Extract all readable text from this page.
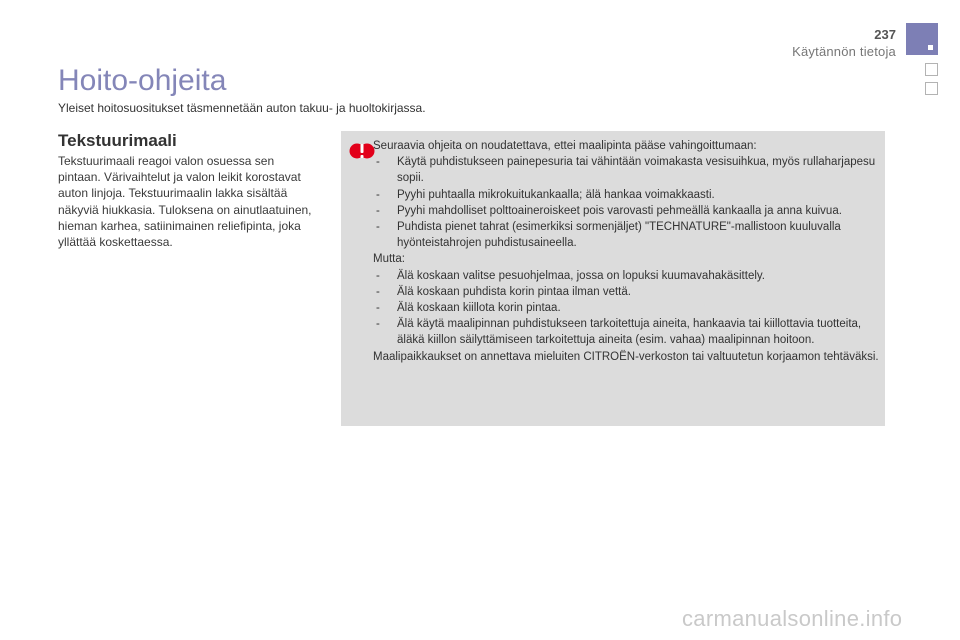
237
Käytännön tietoja
Hoito-ohjeita
Yleiset hoitosuositukset täsmennetään auton takuu- ja huoltokirjassa.
Tekstuurimaali
Tekstuurimaali reagoi valon osuessa sen pintaan. Värivaihtelut ja valon leikit korostavat auton linjoja. Tekstuurimaalin lakka sisältää näkyviä hiukkasia. Tuloksena on ainutlaatuinen, hieman karhea, satiinimainen reliefipinta, joka yllättää koskettaessa.

Seuraavia ohjeita on noudatettava, ettei maalipinta pääse vahingoittumaan:

- Käytä puhdistukseen painepesuria tai vähintään voimakasta vesisuihkua, myös rullaharjapesu sopii.
- Pyyhi puhtaalla mikrokuitukankaalla; älä hankaa voimakkaasti.
- Pyyhi mahdolliset polttoaineroiskeet pois varovasti pehmeällä kankaalla ja anna kuivua.
- Puhdista pienet tahrat (esimerkiksi sormenjäljet) "TECHNATURE"-mallistoon kuuluvalla hyönteistahrojen puhdistusaineella.

Mutta:

- Älä koskaan valitse pesuohjelmaa, jossa on lopuksi kuumavahakäsittely.
- Älä koskaan puhdista korin pintaa ilman vettä.
- Älä koskaan kiillota korin pintaa.
- Älä käytä maalipinnan puhdistukseen tarkoitettuja aineita, hankaavia tai kiillottavia tuotteita, äläkä kiillon säilyttämiseen tarkoitettuja aineita (esim. vahaa) maalipinnan hoitoon.

Maalipaikkaukset on annettava mieluiten CITROËN-verkoston tai valtuutetun korjaamon tehtäväksi.

carmanualsonline.info
